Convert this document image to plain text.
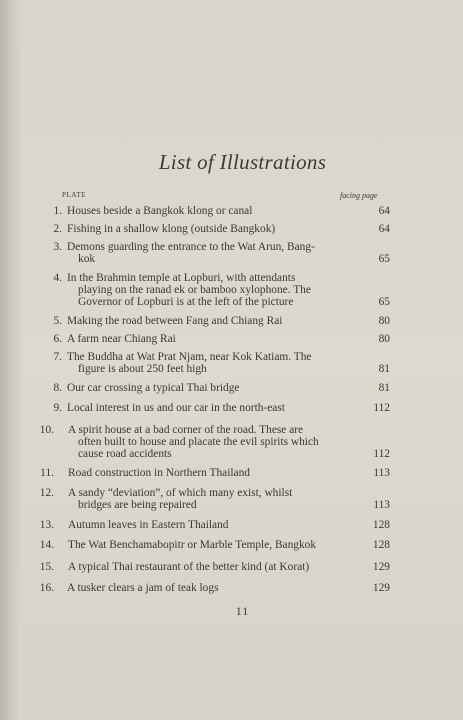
List of Illustrations
PLATE	facing page
1. Houses beside a Bangkok klong or canal	64
2. Fishing in a shallow klong (outside Bangkok)	64
3. Demons guarding the entrance to the Wat Arun, Bang-
kok	65
4. In the Brahmin temple at Lopburi, with attendants
playing on the ranad ek or bamboo xylophone. The
Governor of Lopburi is at the left of the picture	65
5. Making the road between Fang and Chiang Rai	80
6. A farm near Chiang Rai	80
7. The Buddha at Wat Prat Njam, near Kok Katiam. The
figure is about 250 feet high	81
8. Our car crossing a typical Thai bridge	81
9. Local interest in us and our car in the north-east	112
10. A spirit house at a bad corner of the road. These are
often built to house and placate the evil spirits which
cause road accidents	112
11. Road construction in Northern Thailand	113
12. A sandy “deviation”, of which many exist, whilst
bridges are being repaired	113
13. Autumn leaves in Eastern Thailand	128
14. The Wat Benchamabopitr or Marble Temple, Bangkok	128
15. A typical Thai restaurant of the better kind (at Korat)	129
16. A tusker clears a jam of teak logs	129
11
